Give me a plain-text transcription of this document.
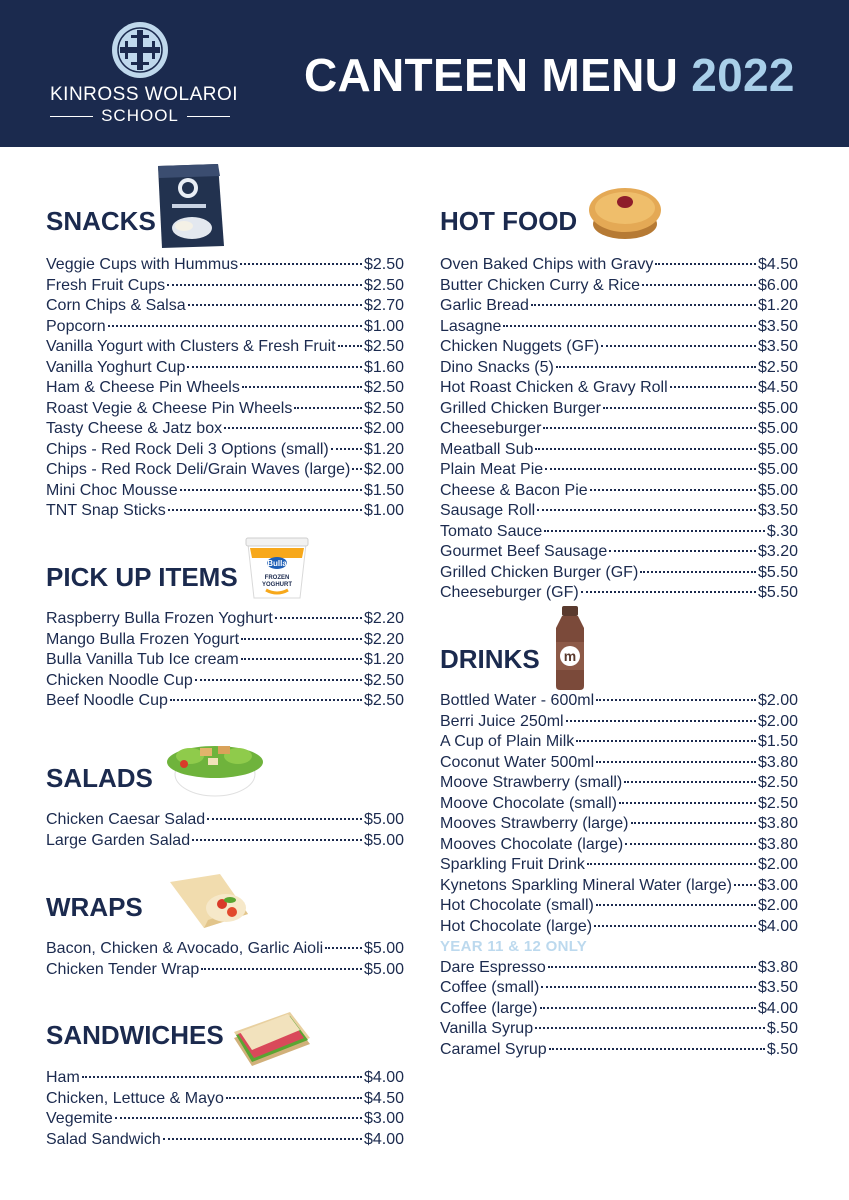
KINROSS WOLAROI
SCHOOL
CANTEEN MENU 2022
SNACKS
Veggie Cups with Hummus	$2.50
Fresh Fruit Cups	$2.50
Corn Chips & Salsa	$2.70
Popcorn	$1.00
Vanilla Yogurt with Clusters & Fresh Fruit $2.50
Vanilla Yoghurt Cup	$1.60
Ham & Cheese Pin Wheels	$2.50
Roast Vegie & Cheese Pin Wheels	$2.50
Tasty Cheese & Jatz box	$2.00
Chips - Red Rock Deli 3 Options (small) $1.20
Chips - Red Rock Deli/Grain Waves (large) $2.00
Mini Choc Mousse	$1.50
TNT Snap Sticks	$1.00
Bulla
FROZEN
YOGHURT
PICK UP ITEMS
Raspberry Bulla Frozen Yoghurt	$2.20
Mango Bulla Frozen Yogurt	$2.20
Bulla Vanilla Tub Ice cream	$1.20
Chicken Noodle Cup	$2.50
Beef Noodle Cup	$2.50
SALADS
Chicken Caesar Salad	$5.00
Large Garden Salad	$5.00
WRAPS
Bacon, Chicken & Avocado, Garlic Aioli	$5.00
Chicken Tender Wrap	$5.00
SANDWICHES
Ham	$4.00
Chicken, Lettuce & Mayo	$4.50
Vegemite	$3.00
Salad Sandwich	$4.00
HOT FOOD
Oven Baked Chips with Gravy	$4.50
Butter Chicken Curry & Rice	$6.00
Garlic Bread	$1.20
Lasagne	$3.50
Chicken Nuggets (GF)	$3.50
Dino Snacks (5)	$2.50
Hot Roast Chicken & Gravy Roll	$4.50
Grilled Chicken Burger	$5.00
Cheeseburger	$5.00
Meatball Sub	$5.00
Plain Meat Pie	$5.00
Cheese & Bacon Pie	$5.00
Sausage Roll	$3.50
Tomato Sauce	$.30
Gourmet Beef Sausage	$3.20
Grilled Chicken Burger (GF)	$5.50
Cheeseburger (GF)	$5.50
m
DRINKS
Bottled Water - 600ml	$2.00
Berri Juice 250ml	$2.00
A Cup of Plain Milk	$1.50
Coconut Water 500ml	$3.80
Moove Strawberry (small)	$2.50
Moove Chocolate (small)	$2.50
Mooves Strawberry (large)	$3.80
Mooves Chocolate (large)	$3.80
Sparkling Fruit Drink	$2.00
Kynetons Sparkling Mineral Water (large) $3.00
Hot Chocolate (small)	$2.00
Hot Chocolate (large)	$4.00
YEAR 11 & 12 ONLY
Dare Espresso	$3.80
Coffee (small)	$3.50
Coffee (large)	$4.00
Vanilla Syrup	$.50
Caramel Syrup	$.50
